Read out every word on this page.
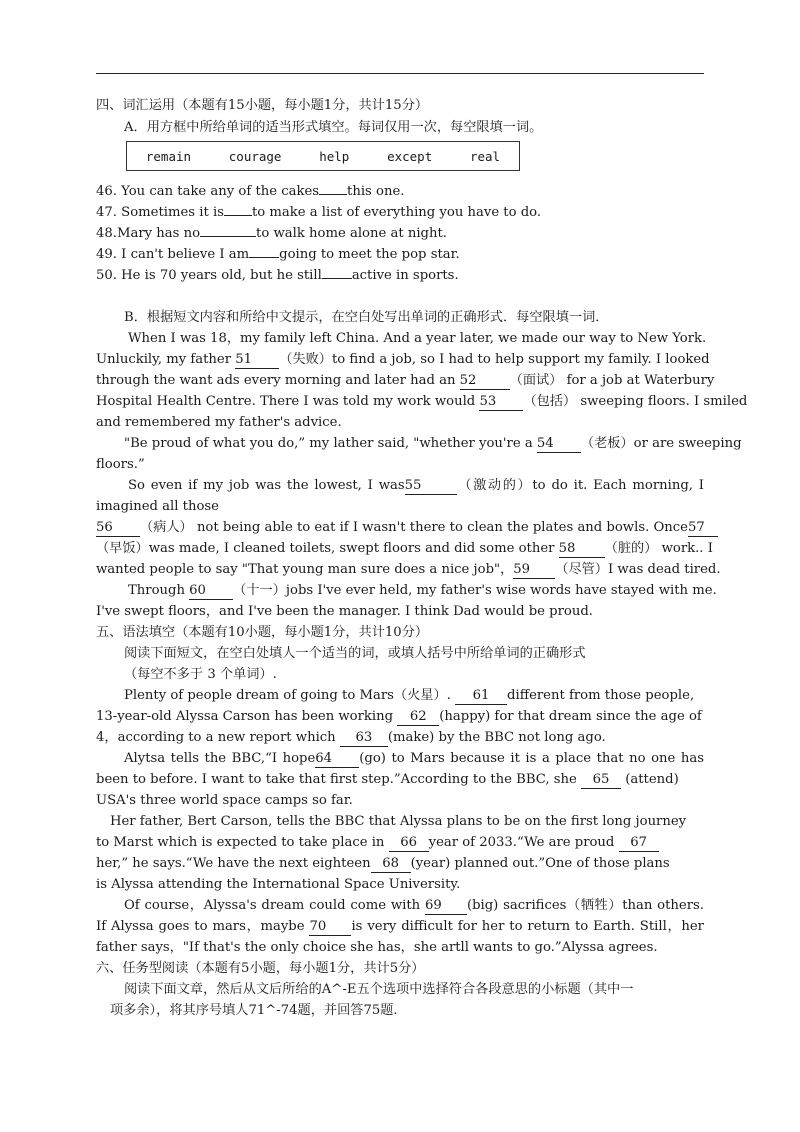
四、词汇运用（本题有15小题，每小题1分，共计15分）
A．用方框中所给单词的适当形式填空。每词仅用一次，每空限填一词。
remain	courage	help	except	real
46. You can take any of the cakes this one.
47. Sometimes it is to make a list of everything you have to do.
48.Mary has no	to walk home alone at night.
49. I can't believe I am going to meet the pop star.
50. He is 70 years old, but he still active in sports.
B．根据短文内容和所给中文提示，在空白处写出单词的正确形式．每空限填一词．
When I was 18，my family left China. And a year later, we made our way to New York.
Unluckily, my father 51 （失败）to find a job, so I had to help support my family. I looked
through the want ads every morning and later had an 52	（面试） for a job at Waterbury
Hospital Health Centre. There I was told my work would 53 （包括） sweeping floors. I smiled
and remembered my father's advice.
"Be proud of what you do,” my lather said, "whether you're a 54 （老板）or are sweeping
floors.”
So even if my job was the lowest, I was55	（激动的）to do it. Each morning, I
imagined all those
56 （病人） not being able to eat if I wasn't there to clean the plates and bowls. Once57
（早饭）was made, I cleaned toilets, swept floors and did some other 58 （脏的） work.. I
wanted people to say "That young man sure does a nice job"，59 （尽管）I was dead tired.
Through 60 （十一）jobs I've ever held, my father's wise words have stayed with me.
I've swept floors，and I've been the manager. I think Dad would be proud.
五、语法填空（本题有10小题，每小题1分，共计10分）
阅读下面短文，在空白处填人一个适当的词，或填人括号中所给单词的正确形式
（每空不多于 3 个单词）.
Plenty of people dream of going to Mars（火星）. 61 different from those people,
13-year-old Alyssa Carson has been working 62 (happy) for that dream since the age of
4，according to a new report which 63 (make) by the BBC not long ago.
Alytsa tells the BBC,“I hope64 (go) to Mars because it is a place that no one has
been to before. I want to take that first step.”According to the BBC, she 65 (attend)
USA's three world space camps so far.
Her father, Bert Carson, tells the BBC that Alyssa plans to be on the first long journey
to Marst which is expected to take place in 66 year of 2033.“We are proud 67
her,” he says.“We have the next eighteen 68 (year) planned out.”One of those plans
is Alyssa attending the International Space University.
Of course，Alyssa's dream could come with 69 (big) sacrifices（牺牲）than others.
If Alyssa goes to mars，maybe 70 is very difficult for her to return to Earth. Still，her
father says，"If that's the only choice she has，she artll wants to go.”Alyssa agrees.
六、任务型阅读（本题有5小题，每小题1分，共计5分）
阅读下面文章，然后从文后所给的A^-E五个选项中选择符合各段意思的小标题（其中一
项多余），将其序号填人71^-74题，并回答75题.
